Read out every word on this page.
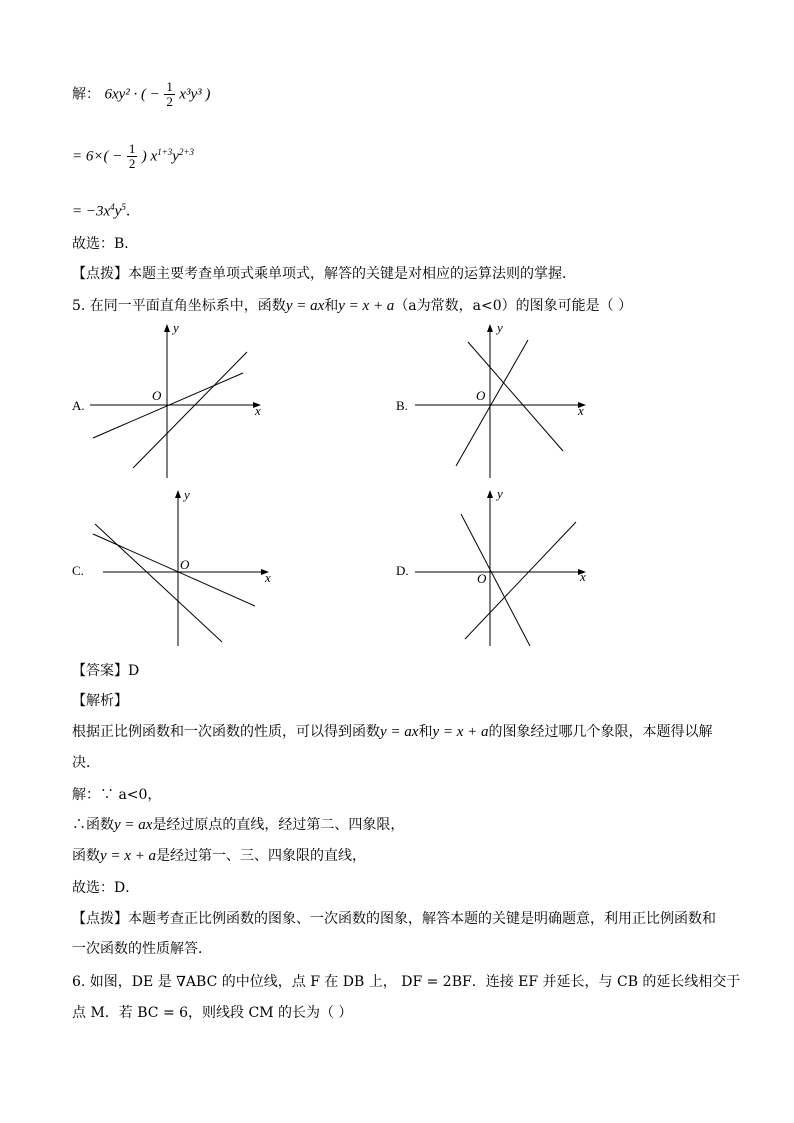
解： 6xy² · ( − $\frac{1}{2} x^3y^3$ )
= $6\times( - \frac{1}{2}$ ) $x^{1+3}y^{2+3}$
= $-3x^4y^5$.
故选：B．
【点拨】本题主要考查单项式乘单项式，解答的关键是对相应的运算法则的掌握．
5. 在同一平面直角坐标系中，函数y = ax和y = x + a（a为常数，a<0）的图象可能是（ ）
A.
y
x
O
B.
y
x
O
C.
y
x
O	D.
y
x
O
【答案】D
【解析】
根据正比例函数和一次函数的性质，可以得到函数y = ax和y = x + a的图象经过哪几个象限，本题得以解
决．
解：∵ a<0，
∴函数y = ax是经过原点的直线，经过第二、四象限，
函数y = x + a是经过第一、三、四象限的直线，
故选：D．
【点拨】本题考查正比例函数的图象、一次函数的图象，解答本题的关键是明确题意，利用正比例函数和
一次函数的性质解答．
6. 如图，DE 是 ∇ABC 的中位线，点 F 在 DB 上， DF = 2BF．连接 EF 并延长，与 CB 的延长线相交于
点 M．若 BC = 6，则线段 CM 的长为（ ）
